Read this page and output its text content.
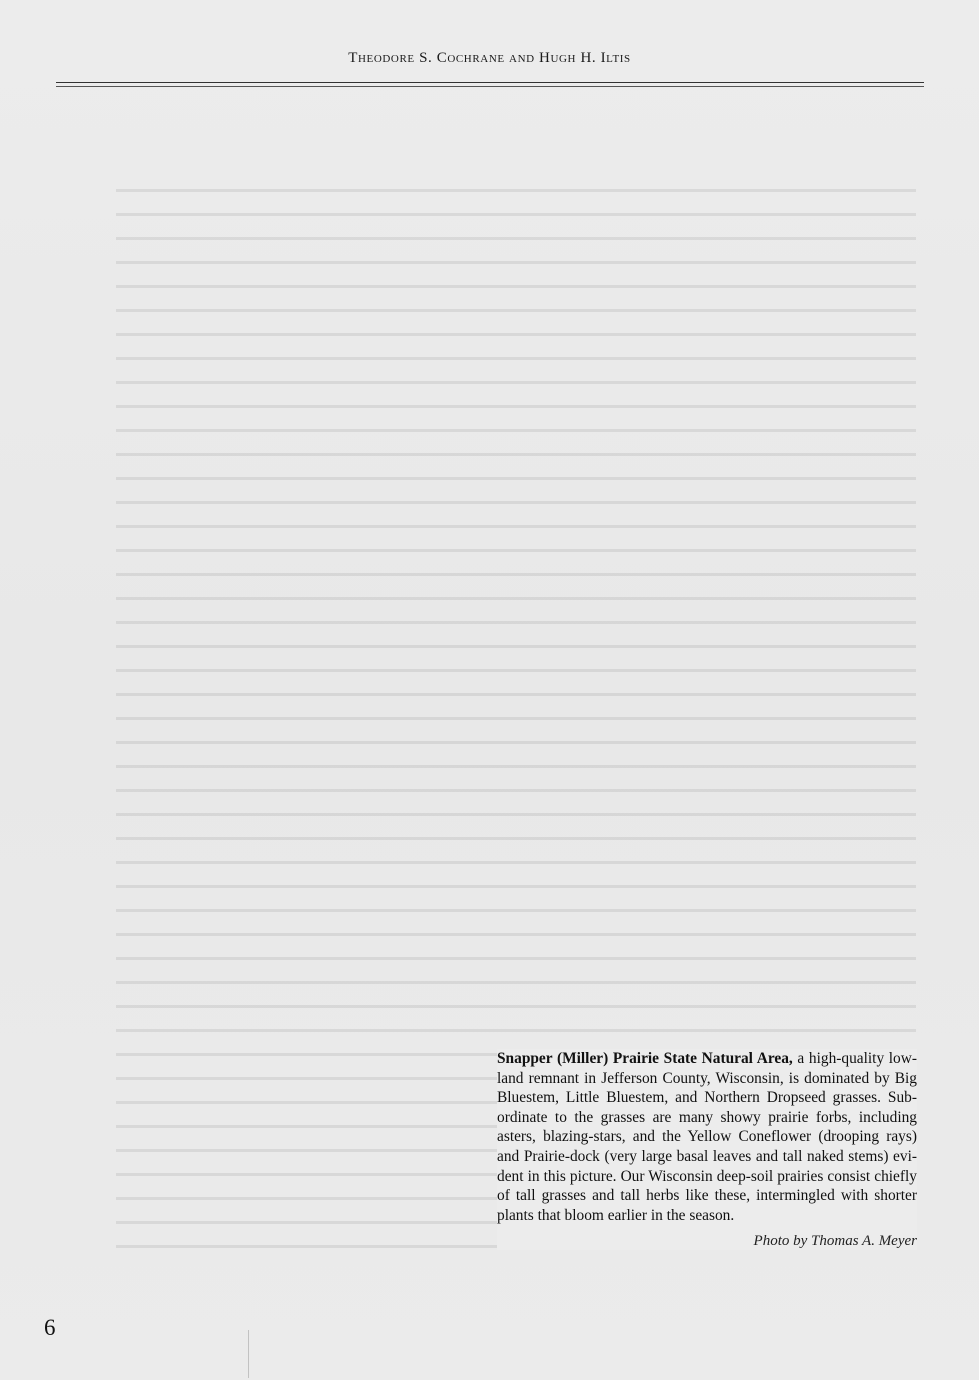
Theodore S. Cochrane and Hugh H. Iltis

Snapper (Miller) Prairie State Natural Area, a high-quality low-land remnant in Jefferson County, Wisconsin, is dominated by Big Bluestem, Little Bluestem, and Northern Dropseed grasses. Sub-ordinate to the grasses are many showy prairie forbs, including asters, blazing-stars, and the Yellow Coneflower (drooping rays) and Prairie-dock (very large basal leaves and tall naked stems) evi-dent in this picture. Our Wisconsin deep-soil prairies consist chiefly of tall grasses and tall herbs like these, intermingled with shorter plants that bloom earlier in the season.

Photo by Thomas A. Meyer
6
